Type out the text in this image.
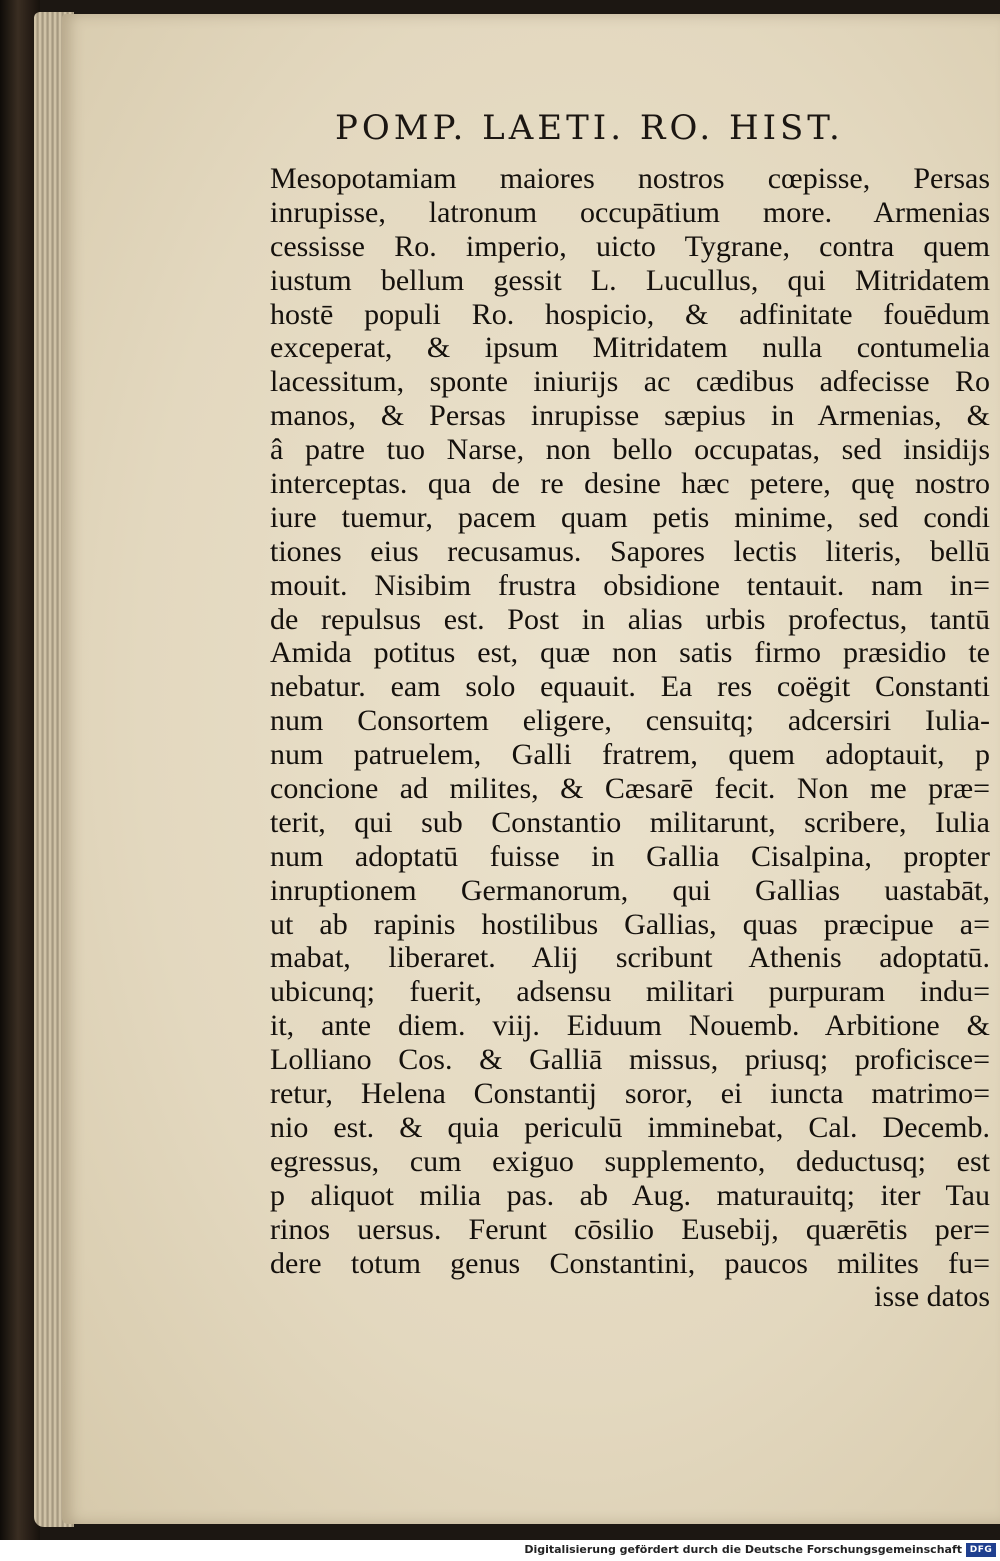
POMP. LAETI. RO. HIST.
Mesopotamiam maiores nostros cœpisse, Persas
inrupisse, latronum occupātium more. Armenias
cessisse Ro. imperio, uicto Tygrane, contra quem
iustum bellum gessit L. Lucullus, qui Mitridatem
hostē populi Ro. hospicio, & adfinitate fouēdum
exceperat, & ipsum Mitridatem nulla contumelia
lacessitum, sponte iniurijs ac cædibus adfecisse Ro
manos, & Persas inrupisse sæpius in Armenias, &
â patre tuo Narse, non bello occupatas, sed insidijs
interceptas. qua de re desine hæc petere, quę nostro
iure tuemur, pacem quam petis minime, sed condi
tiones eius recusamus. Sapores lectis literis, bellū
mouit. Nisibim frustra obsidione tentauit. nam in=
de repulsus est. Post in alias urbis profectus, tantū
Amida potitus est, quæ non satis firmo præsidio te
nebatur. eam solo equauit. Ea res coëgit Constanti
num Consortem eligere, censuitq; adcersiri Iulia-
num patruelem, Galli fratrem, quem adoptauit, p
concione ad milites, & Cæsarē fecit. Non me præ=
terit, qui sub Constantio militarunt, scribere, Iulia
num adoptatū fuisse in Gallia Cisalpina, propter
inruptionem Germanorum, qui Gallias uastabāt,
ut ab rapinis hostilibus Gallias, quas præcipue a=
mabat, liberaret. Alij scribunt Athenis adoptatū.
ubicunq; fuerit, adsensu militari purpuram indu=
it, ante diem. viij. Eiduum Nouemb. Arbitione &
Lolliano Cos. & Galliā missus, priusq; proficisce=
retur, Helena Constantij soror, ei iuncta matrimo=
nio est. & quia periculū imminebat, Cal. Decemb.
egressus, cum exiguo supplemento, deductusq; est
p aliquot milia pas. ab Aug. maturauitq; iter Tau
rinos uersus. Ferunt cōsilio Eusebij, quærētis per=
dere totum genus Constantini, paucos milites fu=
isse datos
Digitalisierung gefördert durch die Deutsche Forschungsgemeinschaft DFG
